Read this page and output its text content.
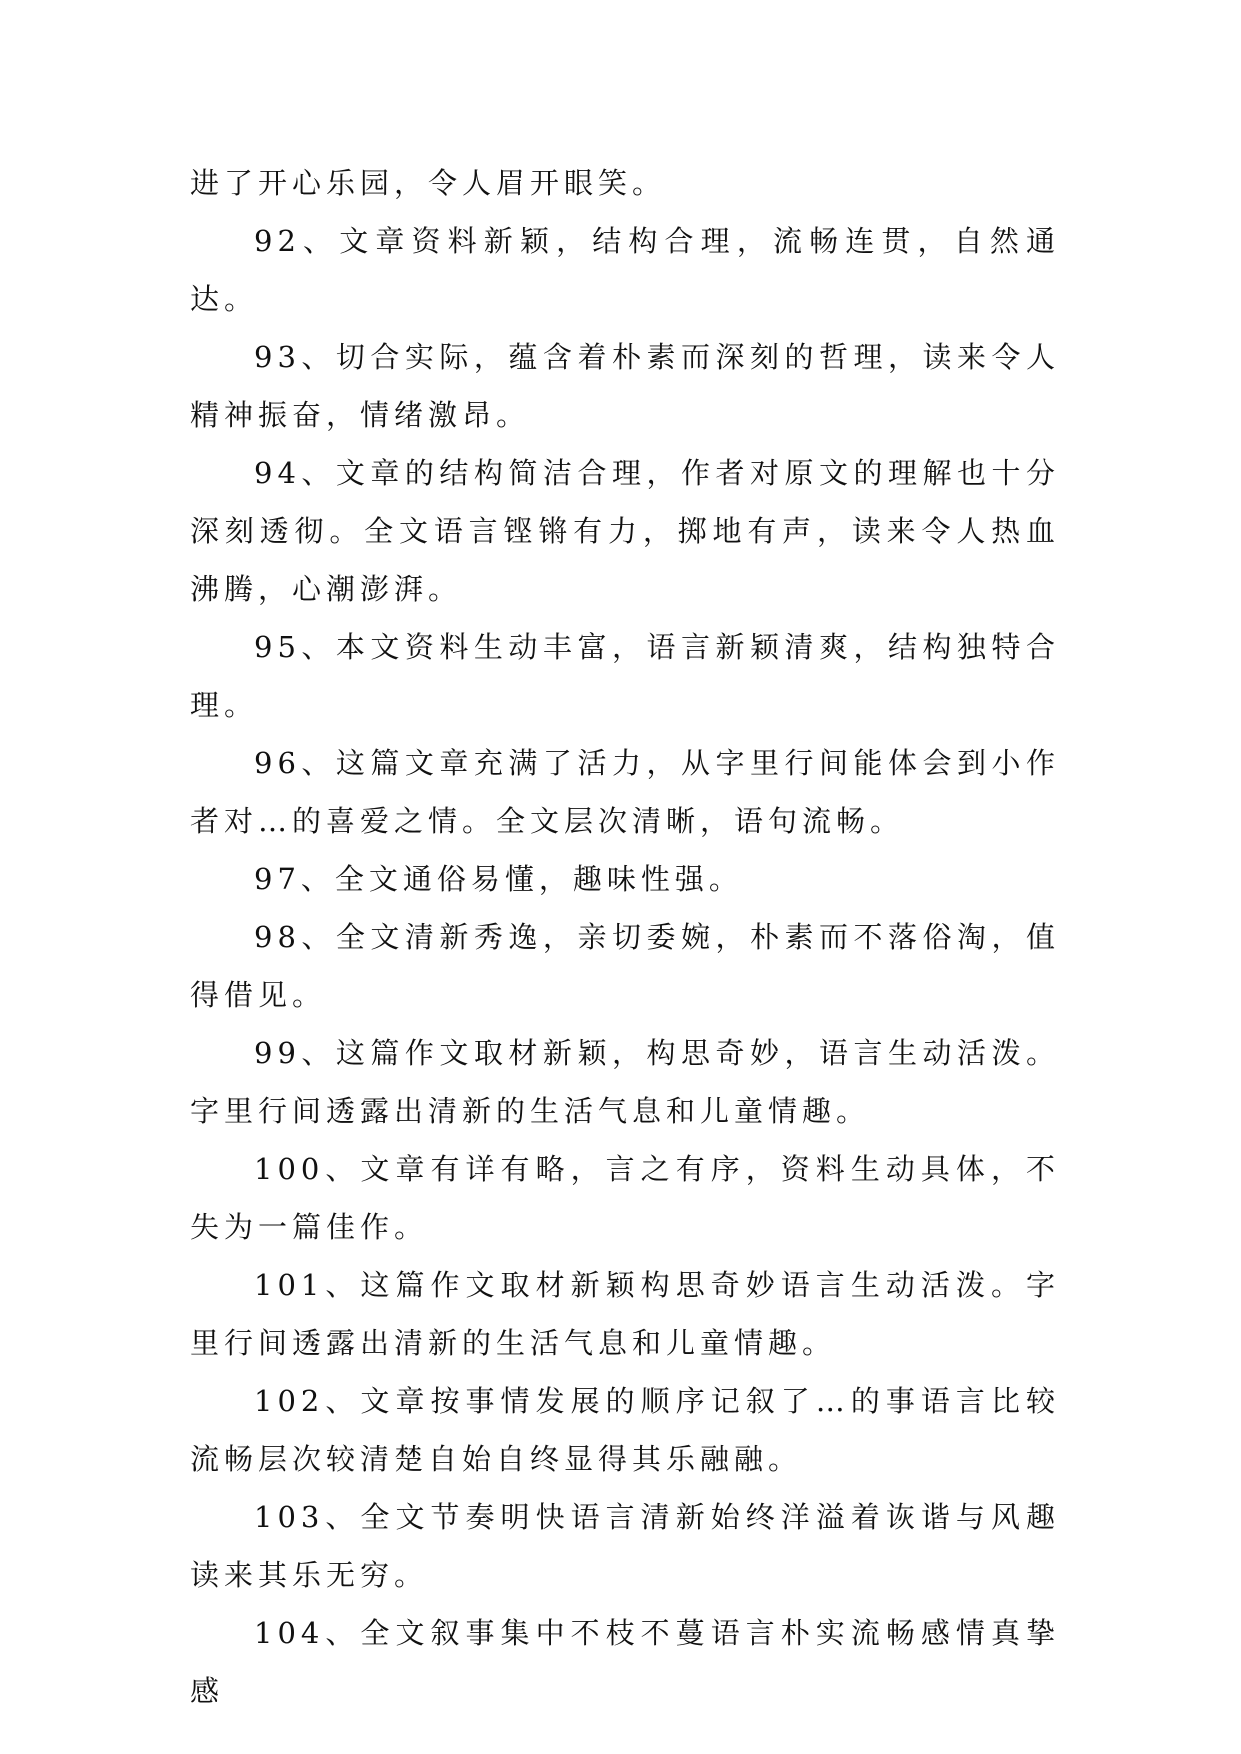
进了开心乐园，令人眉开眼笑。

92、文章资料新颖，结构合理，流畅连贯，自然通达。

93、切合实际，蕴含着朴素而深刻的哲理，读来令人精神振奋，情绪激昂。

94、文章的结构简洁合理，作者对原文的理解也十分深刻透彻。全文语言铿锵有力，掷地有声，读来令人热血沸腾，心潮澎湃。

95、本文资料生动丰富，语言新颖清爽，结构独特合理。

96、这篇文章充满了活力，从字里行间能体会到小作者对…的喜爱之情。全文层次清晰，语句流畅。

97、全文通俗易懂，趣味性强。

98、全文清新秀逸，亲切委婉，朴素而不落俗淘，值得借见。

99、这篇作文取材新颖，构思奇妙，语言生动活泼。字里行间透露出清新的生活气息和儿童情趣。

100、文章有详有略，言之有序，资料生动具体，不失为一篇佳作。

101、这篇作文取材新颖构思奇妙语言生动活泼。字里行间透露出清新的生活气息和儿童情趣。

102、文章按事情发展的顺序记叙了…的事语言比较流畅层次较清楚自始自终显得其乐融融。

103、全文节奏明快语言清新始终洋溢着诙谐与风趣读来其乐无穷。

104、全文叙事集中不枝不蔓语言朴实流畅感情真挚感
